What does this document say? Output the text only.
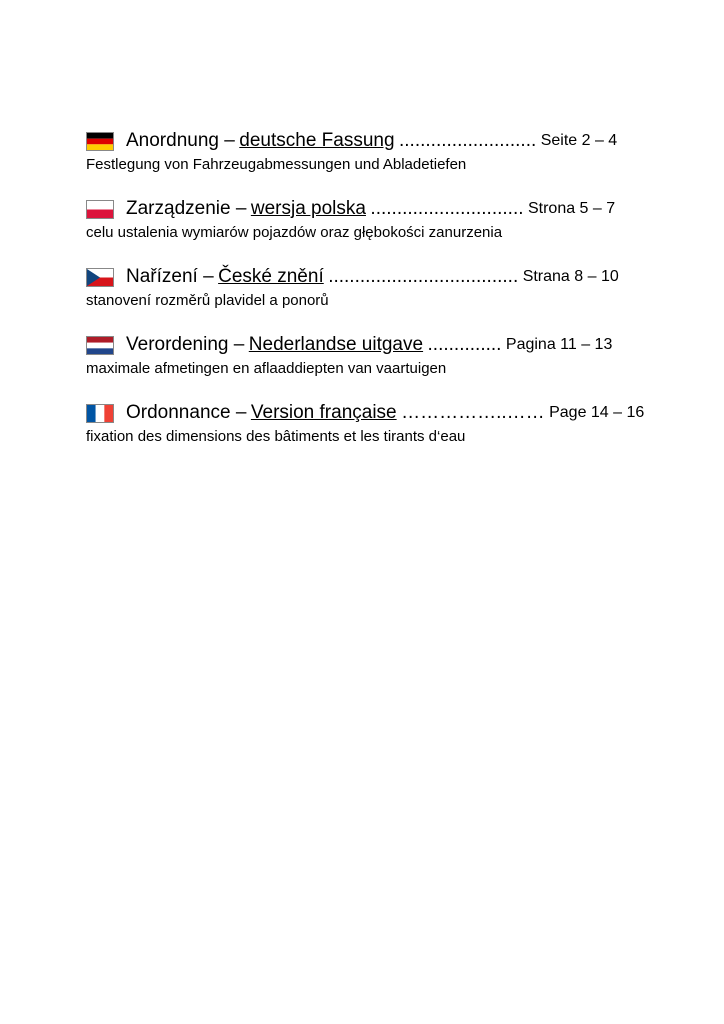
Anordnung –
deutsche Fassung
..........................
Seite 2 – 4
Festlegung von Fahrzeugabmessungen und Abladetiefen
Zarządzenie –
wersja polska
.............................
Strona 5 – 7
celu ustalenia wymiarów pojazdów oraz głębokości zanurzenia
Nařízení –
České znění
....................................
Strana 8 – 10
stanovení rozměrů plavidel a ponorů
Verordening –
Nederlandse uitgave
..............
Pagina 11 – 13
maximale afmetingen en aflaaddiepten van vaartuigen
Ordonnance –
Version française
……………..……
Page 14 – 16
fixation des dimensions des bâtiments et les tirants d‘eau
